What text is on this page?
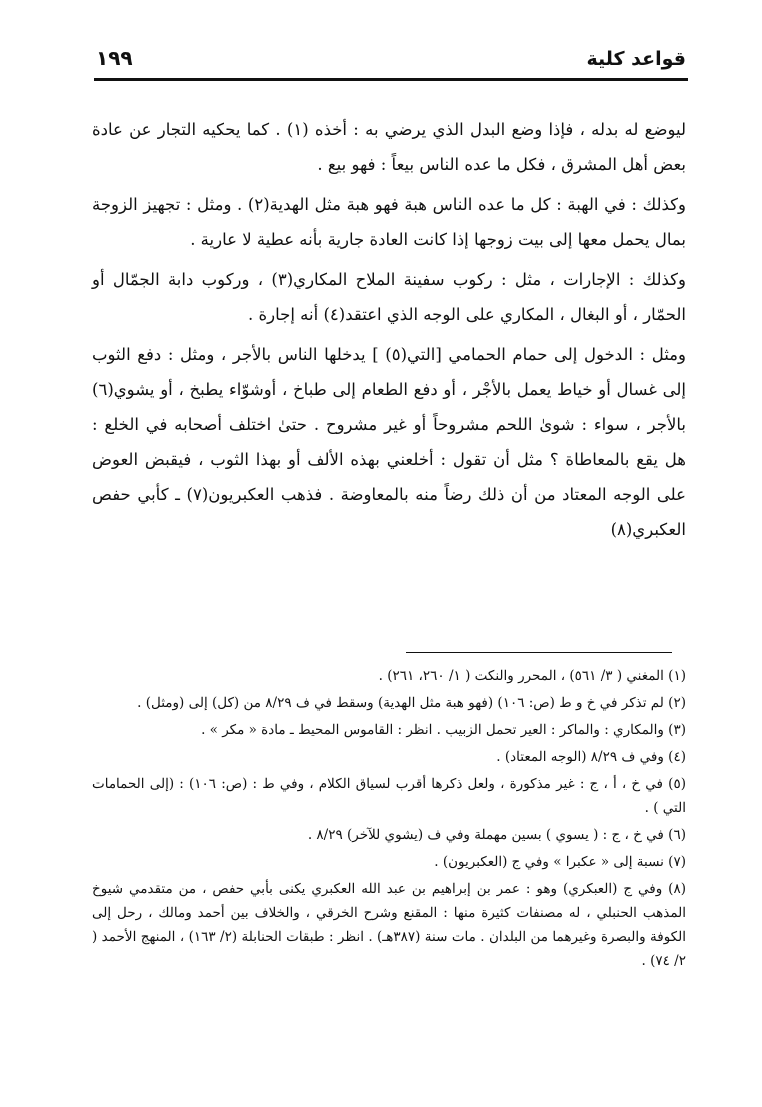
قواعد كلية
١٩٩

ليوضع له بدله ، فإذا وضع البدل الذي يرضي به : أخذه (١) . كما يحكيه التجار عن عادة بعض أهل المشرق ، فكل ما عده الناس بيعاً : فهو بيع .

وكذلك : في الهبة : كل ما عده الناس هبة فهو هبة مثل الهدية(٢) . ومثل : تجهيز الزوجة بمال يحمل معها إلى بيت زوجها إذا كانت العادة جارية بأنه عطية لا عارية .

وكذلك : الإجارات ، مثل : ركوب سفينة الملاح المكاري(٣) ، وركوب دابة الجمّال أو الحمّار ، أو البغال ، المكاري على الوجه الذي اعتقد(٤) أنه إجارة .

ومثل : الدخول إلى حمام الحمامي [التي(٥) ] يدخلها الناس بالأجر ، ومثل : دفع الثوب إلى غسال أو خياط يعمل بالأجْر ، أو دفع الطعام إلى طباخ ، أوشوّاء يطبخ ، أو يشوي(٦) بالأجر ، سواء : شوىٰ اللحم مشروحاً أو غير مشروح . حتىٰ اختلف أصحابه في الخلع : هل يقع بالمعاطاة ؟ مثل أن تقول : أخلعني بهذه الألف أو بهذا الثوب ، فيقبض العوض على الوجه المعتاد من أن ذلك رضاً منه بالمعاوضة . فذهب العكبريون(٧) ـ كأبي حفص العكبري(٨)

(١) المغني ( ٣/ ٥٦١) ، المحرر والنكت ( ١/ ٢٦٠، ٢٦١) .

(٢) لم تذكر في خ و ط (ص: ١٠٦) (فهو هبة مثل الهدية) وسقط في ف ٨/٢٩ من (كل) إلى (ومثل) .

(٣) والمكاري : والماكر : العير تحمل الزبيب . انظر : القاموس المحيط ـ مادة « مكر » .

(٤) وفي ف ٨/٢٩ (الوجه المعتاد) .

(٥) في خ ، أ ، ج : غير مذكورة ، ولعل ذكرها أقرب لسياق الكلام ، وفي ط : (ص: ١٠٦) : (إلى الحمامات التي ) .

(٦) في خ ، ج : ( يسوي ) بسين مهملة وفي ف (يشوي للآخر) ٨/٢٩ .

(٧) نسبة إلى « عكبرا » وفي ج (العكبريون) .

(٨) وفي ج (العبكري) وهو : عمر بن إبراهيم بن عبد الله العكبري يكنى بأبي حفص ، من متقدمي شيوخ المذهب الحنبلي ، له مصنفات كثيرة منها : المقنع وشرح الخرقي ، والخلاف بين أحمد ومالك ، رحل إلى الكوفة والبصرة وغيرهما من البلدان . مات سنة (٣٨٧هـ) . انظر : طبقات الحنابلة (٢/ ١٦٣) ، المنهج الأحمد ( ٢/ ٧٤) .
